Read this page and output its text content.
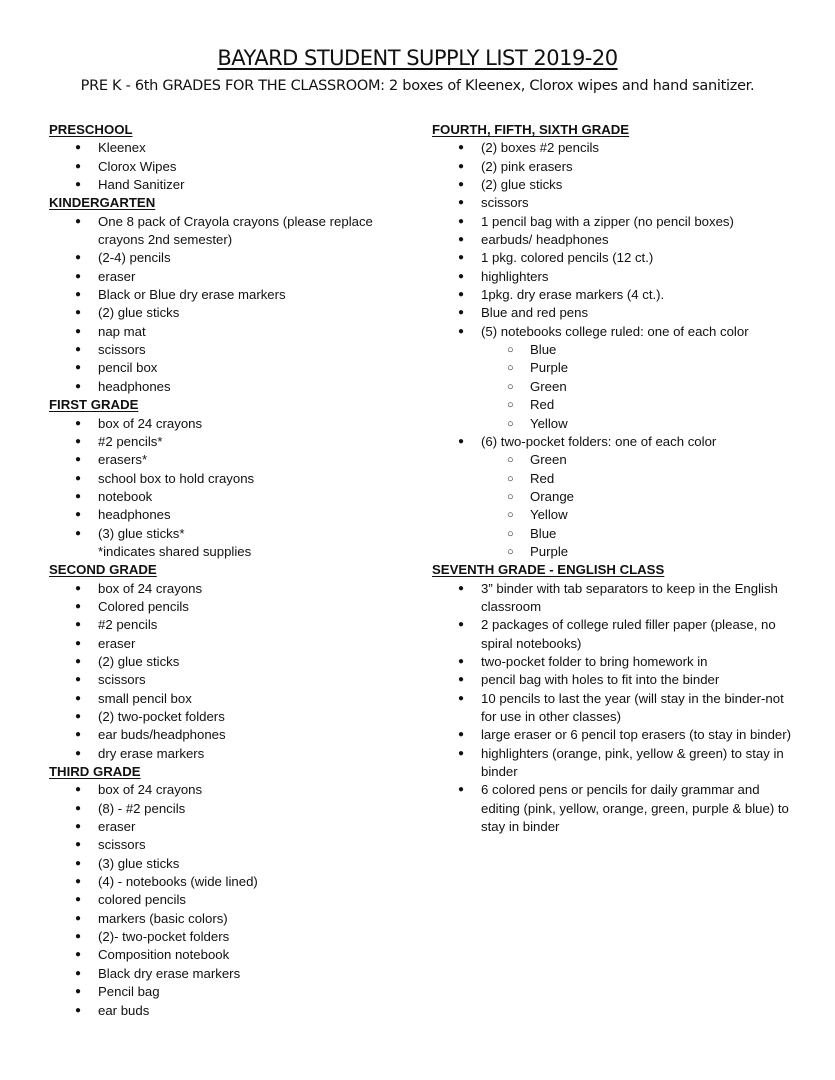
BAYARD STUDENT SUPPLY LIST 2019-20

PRE K - 6th GRADES FOR THE CLASSROOM: 2 boxes of Kleenex, Clorox wipes and hand sanitizer.

PRESCHOOL

● Kleenex
● Clorox Wipes
● Hand Sanitizer

KINDERGARTEN

● One 8 pack of Crayola crayons (please replace crayons 2nd semester)
● (2-4) pencils
● eraser
● Black or Blue dry erase markers
● (2) glue sticks
● nap mat
● scissors
● pencil box
● headphones

FIRST GRADE

● box of 24 crayons
● #2 pencils*
● erasers*
● school box to hold crayons
● notebook
● headphones
● (3) glue sticks*
*indicates shared supplies

SECOND GRADE

● box of 24 crayons
● Colored pencils
● #2 pencils
● eraser
● (2) glue sticks
● scissors
● small pencil box
● (2) two-pocket folders
● ear buds/headphones
● dry erase markers

THIRD GRADE

● box of 24 crayons
● (8) - #2 pencils
● eraser
● scissors
● (3) glue sticks
● (4) - notebooks (wide lined)
● colored pencils
● markers (basic colors)
● (2)- two-pocket folders
● Composition notebook
● Black dry erase markers
● Pencil bag
● ear buds

FOURTH, FIFTH, SIXTH GRADE

● (2) boxes #2 pencils
● (2) pink erasers
● (2) glue sticks
● scissors
● 1 pencil bag with a zipper (no pencil boxes)
● earbuds/ headphones
● 1 pkg. colored pencils (12 ct.)
● highlighters
● 1pkg. dry erase markers (4 ct.).
● Blue and red pens
● (5) notebooks college ruled: one of each color
○ Blue
○ Purple
○ Green
○ Red
○ Yellow
● (6) two-pocket folders: one of each color
○ Green
○ Red
○ Orange
○ Yellow
○ Blue
○ Purple

SEVENTH GRADE - ENGLISH CLASS

● 3” binder with tab separators to keep in the English classroom
● 2 packages of college ruled filler paper (please, no spiral notebooks)
● two-pocket folder to bring homework in
● pencil bag with holes to fit into the binder
● 10 pencils to last the year (will stay in the binder-not for use in other classes)
● large eraser or 6 pencil top erasers (to stay in binder)
● highlighters (orange, pink, yellow & green) to stay in binder
● 6 colored pens or pencils for daily grammar and editing (pink, yellow, orange, green, purple & blue) to stay in binder
